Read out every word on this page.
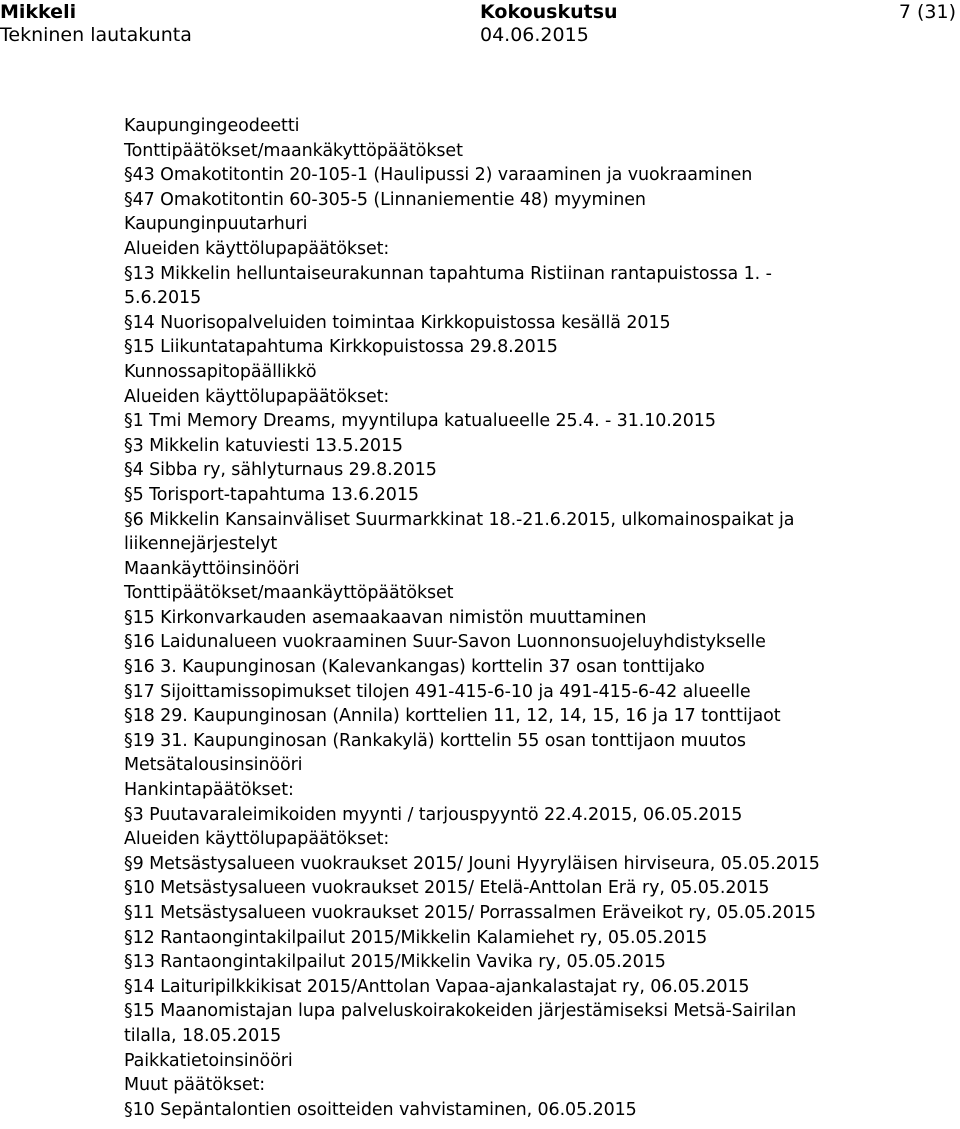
Mikkeli	Kokouskutsu	7 (31)
Tekninen lautakunta	04.06.2015
Kaupungingeodeetti
Tonttipäätökset/maankäkyttöpäätökset
§43 Omakotitontin 20-105-1 (Haulipussi 2) varaaminen ja vuokraaminen
§47 Omakotitontin 60-305-5 (Linnaniementie 48) myyminen
Kaupunginpuutarhuri
Alueiden käyttölupapäätökset:
§13 Mikkelin helluntaiseurakunnan tapahtuma Ristiinan rantapuistossa 1. -
5.6.2015
§14 Nuorisopalveluiden toimintaa Kirkkopuistossa kesällä 2015
§15 Liikuntatapahtuma Kirkkopuistossa 29.8.2015
Kunnossapitopäällikkö
Alueiden käyttölupapäätökset:
§1 Tmi Memory Dreams, myyntilupa katualueelle 25.4. - 31.10.2015
§3 Mikkelin katuviesti 13.5.2015
§4 Sibba ry, sählyturnaus 29.8.2015
§5 Torisport-tapahtuma 13.6.2015
§6 Mikkelin Kansainväliset Suurmarkkinat 18.-21.6.2015, ulkomainospaikat ja
liikennejärjestelyt
Maankäyttöinsinööri
Tonttipäätökset/maankäyttöpäätökset
§15 Kirkonvarkauden asemaakaavan nimistön muuttaminen
§16 Laidunalueen vuokraaminen Suur-Savon Luonnonsuojeluyhdistykselle
§16 3. Kaupunginosan (Kalevankangas) korttelin 37 osan tonttijako
§17 Sijoittamissopimukset tilojen 491-415-6-10 ja 491-415-6-42 alueelle
§18 29. Kaupunginosan (Annila) korttelien 11, 12, 14, 15, 16 ja 17 tonttijaot
§19 31. Kaupunginosan (Rankakylä) korttelin 55 osan tonttijaon muutos
Metsätalousinsinööri
Hankintapäätökset:
§3 Puutavaraleimikoiden myynti / tarjouspyyntö 22.4.2015, 06.05.2015
Alueiden käyttölupapäätökset:
§9 Metsästysalueen vuokraukset 2015/ Jouni Hyyryläisen hirviseura, 05.05.2015
§10 Metsästysalueen vuokraukset 2015/ Etelä-Anttolan Erä ry, 05.05.2015
§11 Metsästysalueen vuokraukset 2015/ Porrassalmen Eräveikot ry, 05.05.2015
§12 Rantaongintakilpailut 2015/Mikkelin Kalamiehet ry, 05.05.2015
§13 Rantaongintakilpailut 2015/Mikkelin Vavika ry, 05.05.2015
§14 Laituripilkkikisat 2015/Anttolan Vapaa-ajankalastajat ry, 06.05.2015
§15 Maanomistajan lupa palveluskoirakokeiden järjestämiseksi Metsä-Sairilan
tilalla, 18.05.2015
Paikkatietoinsinööri
Muut päätökset:
§10 Sepäntalontien osoitteiden vahvistaminen, 06.05.2015
